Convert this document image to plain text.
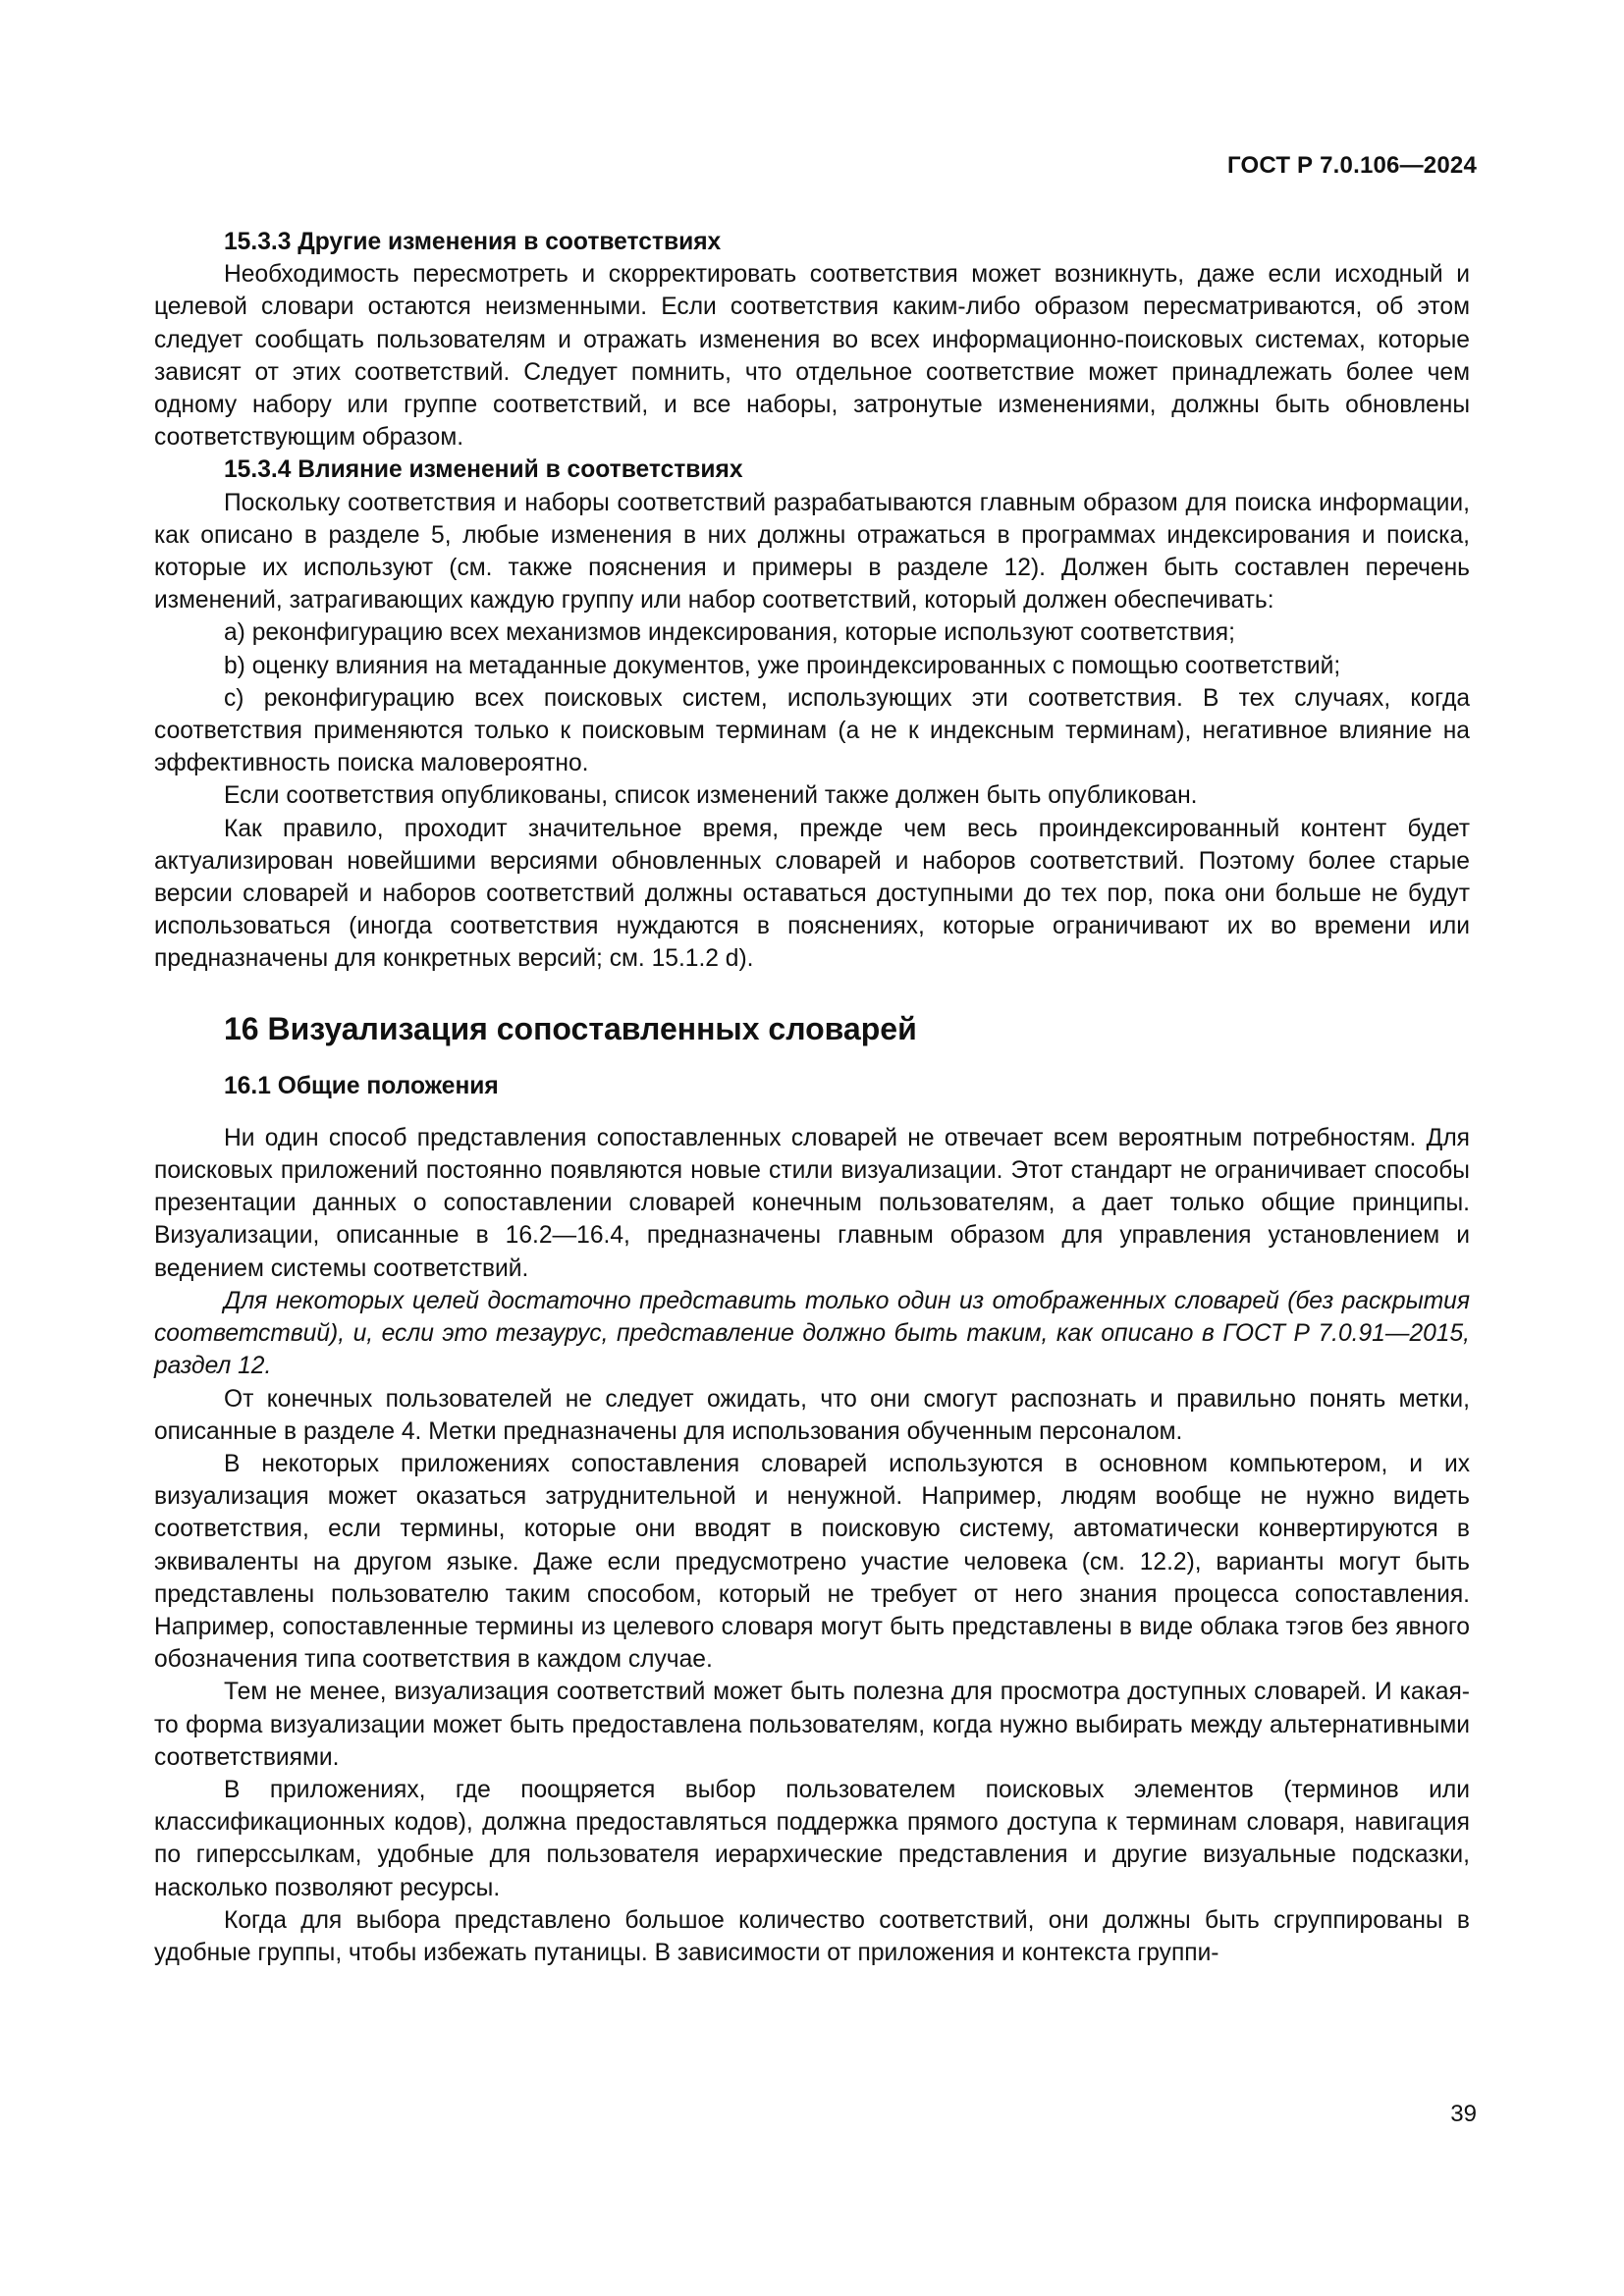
ГОСТ Р 7.0.106—2024

15.3.3 Другие изменения в соответствиях

Необходимость пересмотреть и скорректировать соответствия может возникнуть, даже если исходный и целевой словари остаются неизменными. Если соответствия каким-либо образом пересматриваются, об этом следует сообщать пользователям и отражать изменения во всех информационно-поисковых системах, которые зависят от этих соответствий. Следует помнить, что отдельное соответствие может принадлежать более чем одному набору или группе соответствий, и все наборы, затронутые изменениями, должны быть обновлены соответствующим образом.

15.3.4 Влияние изменений в соответствиях

Поскольку соответствия и наборы соответствий разрабатываются главным образом для поиска информации, как описано в разделе 5, любые изменения в них должны отражаться в программах индексирования и поиска, которые их используют (см. также пояснения и примеры в разделе 12). Должен быть составлен перечень изменений, затрагивающих каждую группу или набор соответствий, который должен обеспечивать:

a) реконфигурацию всех механизмов индексирования, которые используют соответствия;

b) оценку влияния на метаданные документов, уже проиндексированных с помощью соответствий;

c) реконфигурацию всех поисковых систем, использующих эти соответствия. В тех случаях, когда соответствия применяются только к поисковым терминам (а не к индексным терминам), негативное влияние на эффективность поиска маловероятно.

Если соответствия опубликованы, список изменений также должен быть опубликован.

Как правило, проходит значительное время, прежде чем весь проиндексированный контент будет актуализирован новейшими версиями обновленных словарей и наборов соответствий. Поэтому более старые версии словарей и наборов соответствий должны оставаться доступными до тех пор, пока они больше не будут использоваться (иногда соответствия нуждаются в пояснениях, которые ограничивают их во времени или предназначены для конкретных версий; см. 15.1.2 d).

16 Визуализация сопоставленных словарей

16.1 Общие положения

Ни один способ представления сопоставленных словарей не отвечает всем вероятным потребностям. Для поисковых приложений постоянно появляются новые стили визуализации. Этот стандарт не ограничивает способы презентации данных о сопоставлении словарей конечным пользователям, а дает только общие принципы. Визуализации, описанные в 16.2—16.4, предназначены главным образом для управления установлением и ведением системы соответствий.

Для некоторых целей достаточно представить только один из отображенных словарей (без раскрытия соответствий), и, если это тезаурус, представление должно быть таким, как описано в ГОСТ Р 7.0.91—2015, раздел 12.

От конечных пользователей не следует ожидать, что они смогут распознать и правильно понять метки, описанные в разделе 4. Метки предназначены для использования обученным персоналом.

В некоторых приложениях сопоставления словарей используются в основном компьютером, и их визуализация может оказаться затруднительной и ненужной. Например, людям вообще не нужно видеть соответствия, если термины, которые они вводят в поисковую систему, автоматически конвертируются в эквиваленты на другом языке. Даже если предусмотрено участие человека (см. 12.2), варианты могут быть представлены пользователю таким способом, который не требует от него знания процесса сопоставления. Например, сопоставленные термины из целевого словаря могут быть представлены в виде облака тэгов без явного обозначения типа соответствия в каждом случае.

Тем не менее, визуализация соответствий может быть полезна для просмотра доступных словарей. И какая-то форма визуализации может быть предоставлена пользователям, когда нужно выбирать между альтернативными соответствиями.

В приложениях, где поощряется выбор пользователем поисковых элементов (терминов или классификационных кодов), должна предоставляться поддержка прямого доступа к терминам словаря, навигация по гиперссылкам, удобные для пользователя иерархические представления и другие визуальные подсказки, насколько позволяют ресурсы.

Когда для выбора представлено большое количество соответствий, они должны быть сгруппированы в удобные группы, чтобы избежать путаницы. В зависимости от приложения и контекста группи-

39
